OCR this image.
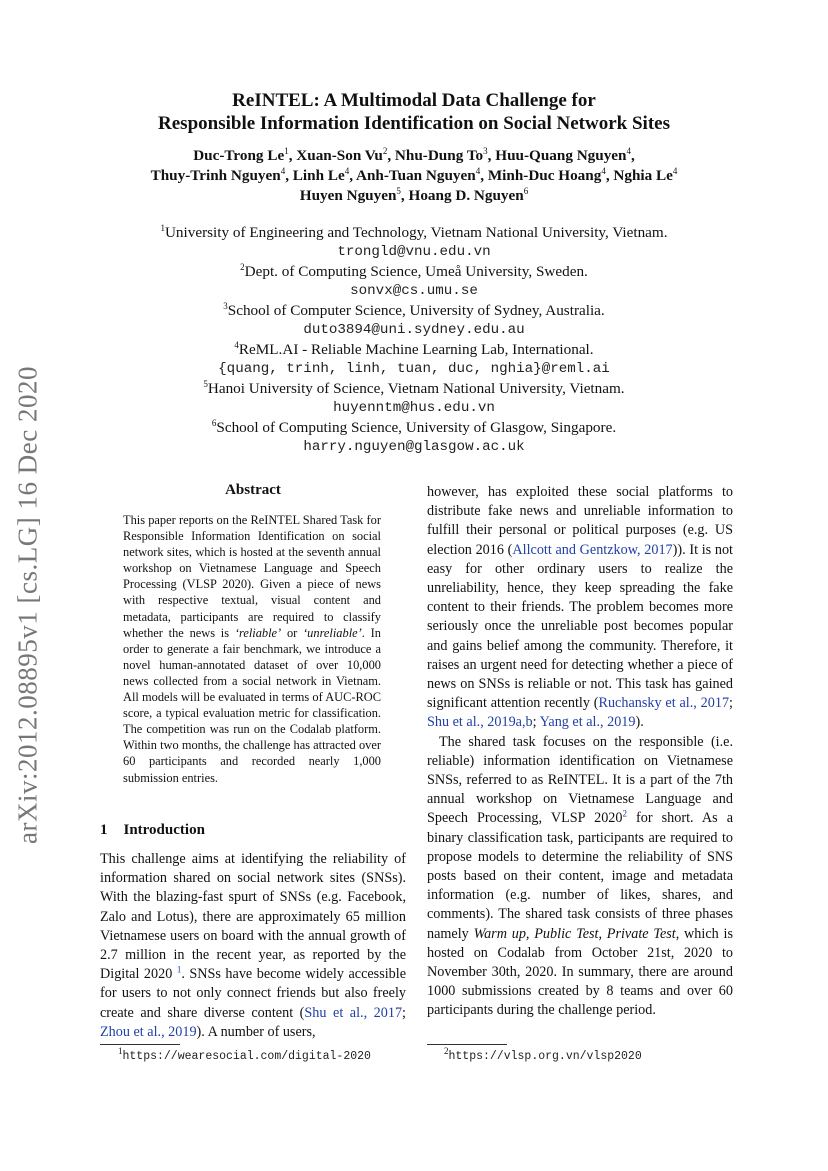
arXiv:2012.08895v1 [cs.LG] 16 Dec 2020
ReINTEL: A Multimodal Data Challenge for
Responsible Information Identification on Social Network Sites
Duc-Trong Le$^1$, Xuan-Son Vu$^2$, Nhu-Dung To$^3$, Huu-Quang Nguyen$^4$,
Thuy-Trinh Nguyen$^4$, Linh Le$^4$, Anh-Tuan Nguyen$^4$, Minh-Duc Hoang$^4$, Nghia Le$^4$
Huyen Nguyen$^5$, Hoang D. Nguyen$^6$
$^1$University of Engineering and Technology, Vietnam National University, Vietnam.
trongld@vnu.edu.vn
$^2$Dept. of Computing Science, Umeå University, Sweden.
sonvx@cs.umu.se
$^3$School of Computer Science, University of Sydney, Australia.
duto3894@uni.sydney.edu.au
$^4$ReML.AI - Reliable Machine Learning Lab, International.
{quang, trinh, linh, tuan, duc, nghia}@reml.ai
$^5$Hanoi University of Science, Vietnam National University, Vietnam.
huyenntm@hus.edu.vn
$^6$School of Computing Science, University of Glasgow, Singapore.
harry.nguyen@glasgow.ac.uk
Abstract
This paper reports on the ReINTEL Shared Task for Responsible Information Identification on social network sites, which is hosted at the seventh annual workshop on Vietnamese Language and Speech Processing (VLSP 2020). Given a piece of news with respective textual, visual content and metadata, participants are required to classify whether the news is ‘reliable’ or ‘unreliable’. In order to generate a fair benchmark, we introduce a novel human-annotated dataset of over 10,000 news collected from a social network in Vietnam. All models will be evaluated in terms of AUC-ROC score, a typical evaluation metric for classification. The competition was run on the Codalab platform. Within two months, the challenge has attracted over 60 participants and recorded nearly 1,000 submission entries.
1 Introduction
This challenge aims at identifying the reliability of information shared on social network sites (SNSs). With the blazing-fast spurt of SNSs (e.g. Facebook, Zalo and Lotus), there are approximately 65 million Vietnamese users on board with the annual growth of 2.7 million in the recent year, as reported by the Digital 2020 $^1$. SNSs have become widely accessible for users to not only connect friends but also freely create and share diverse content (Shu et al., 2017; Zhou et al., 2019). A number of users,

however, has exploited these social platforms to distribute fake news and unreliable information to fulfill their personal or political purposes (e.g. US election 2016 (Allcott and Gentzkow, 2017)). It is not easy for other ordinary users to realize the unreliability, hence, they keep spreading the fake content to their friends. The problem becomes more seriously once the unreliable post becomes popular and gains belief among the community. Therefore, it raises an urgent need for detecting whether a piece of news on SNSs is reliable or not. This task has gained significant attention recently (Ruchansky et al., 2017; Shu et al., 2019a,b; Yang et al., 2019).

The shared task focuses on the responsible (i.e. reliable) information identification on Vietnamese SNSs, referred to as ReINTEL. It is a part of the 7th annual workshop on Vietnamese Language and Speech Processing, VLSP 2020$^2$ for short. As a binary classification task, participants are required to propose models to determine the reliability of SNS posts based on their content, image and metadata information (e.g. number of likes, shares, and comments). The shared task consists of three phases namely Warm up, Public Test, Private Test, which is hosted on Codalab from October 21st, 2020 to November 30th, 2020. In summary, there are around 1000 submissions created by 8 teams and over 60 participants during the challenge period.

$^1$https://wearesocial.com/digital-2020	$^2$https://vlsp.org.vn/vlsp2020
